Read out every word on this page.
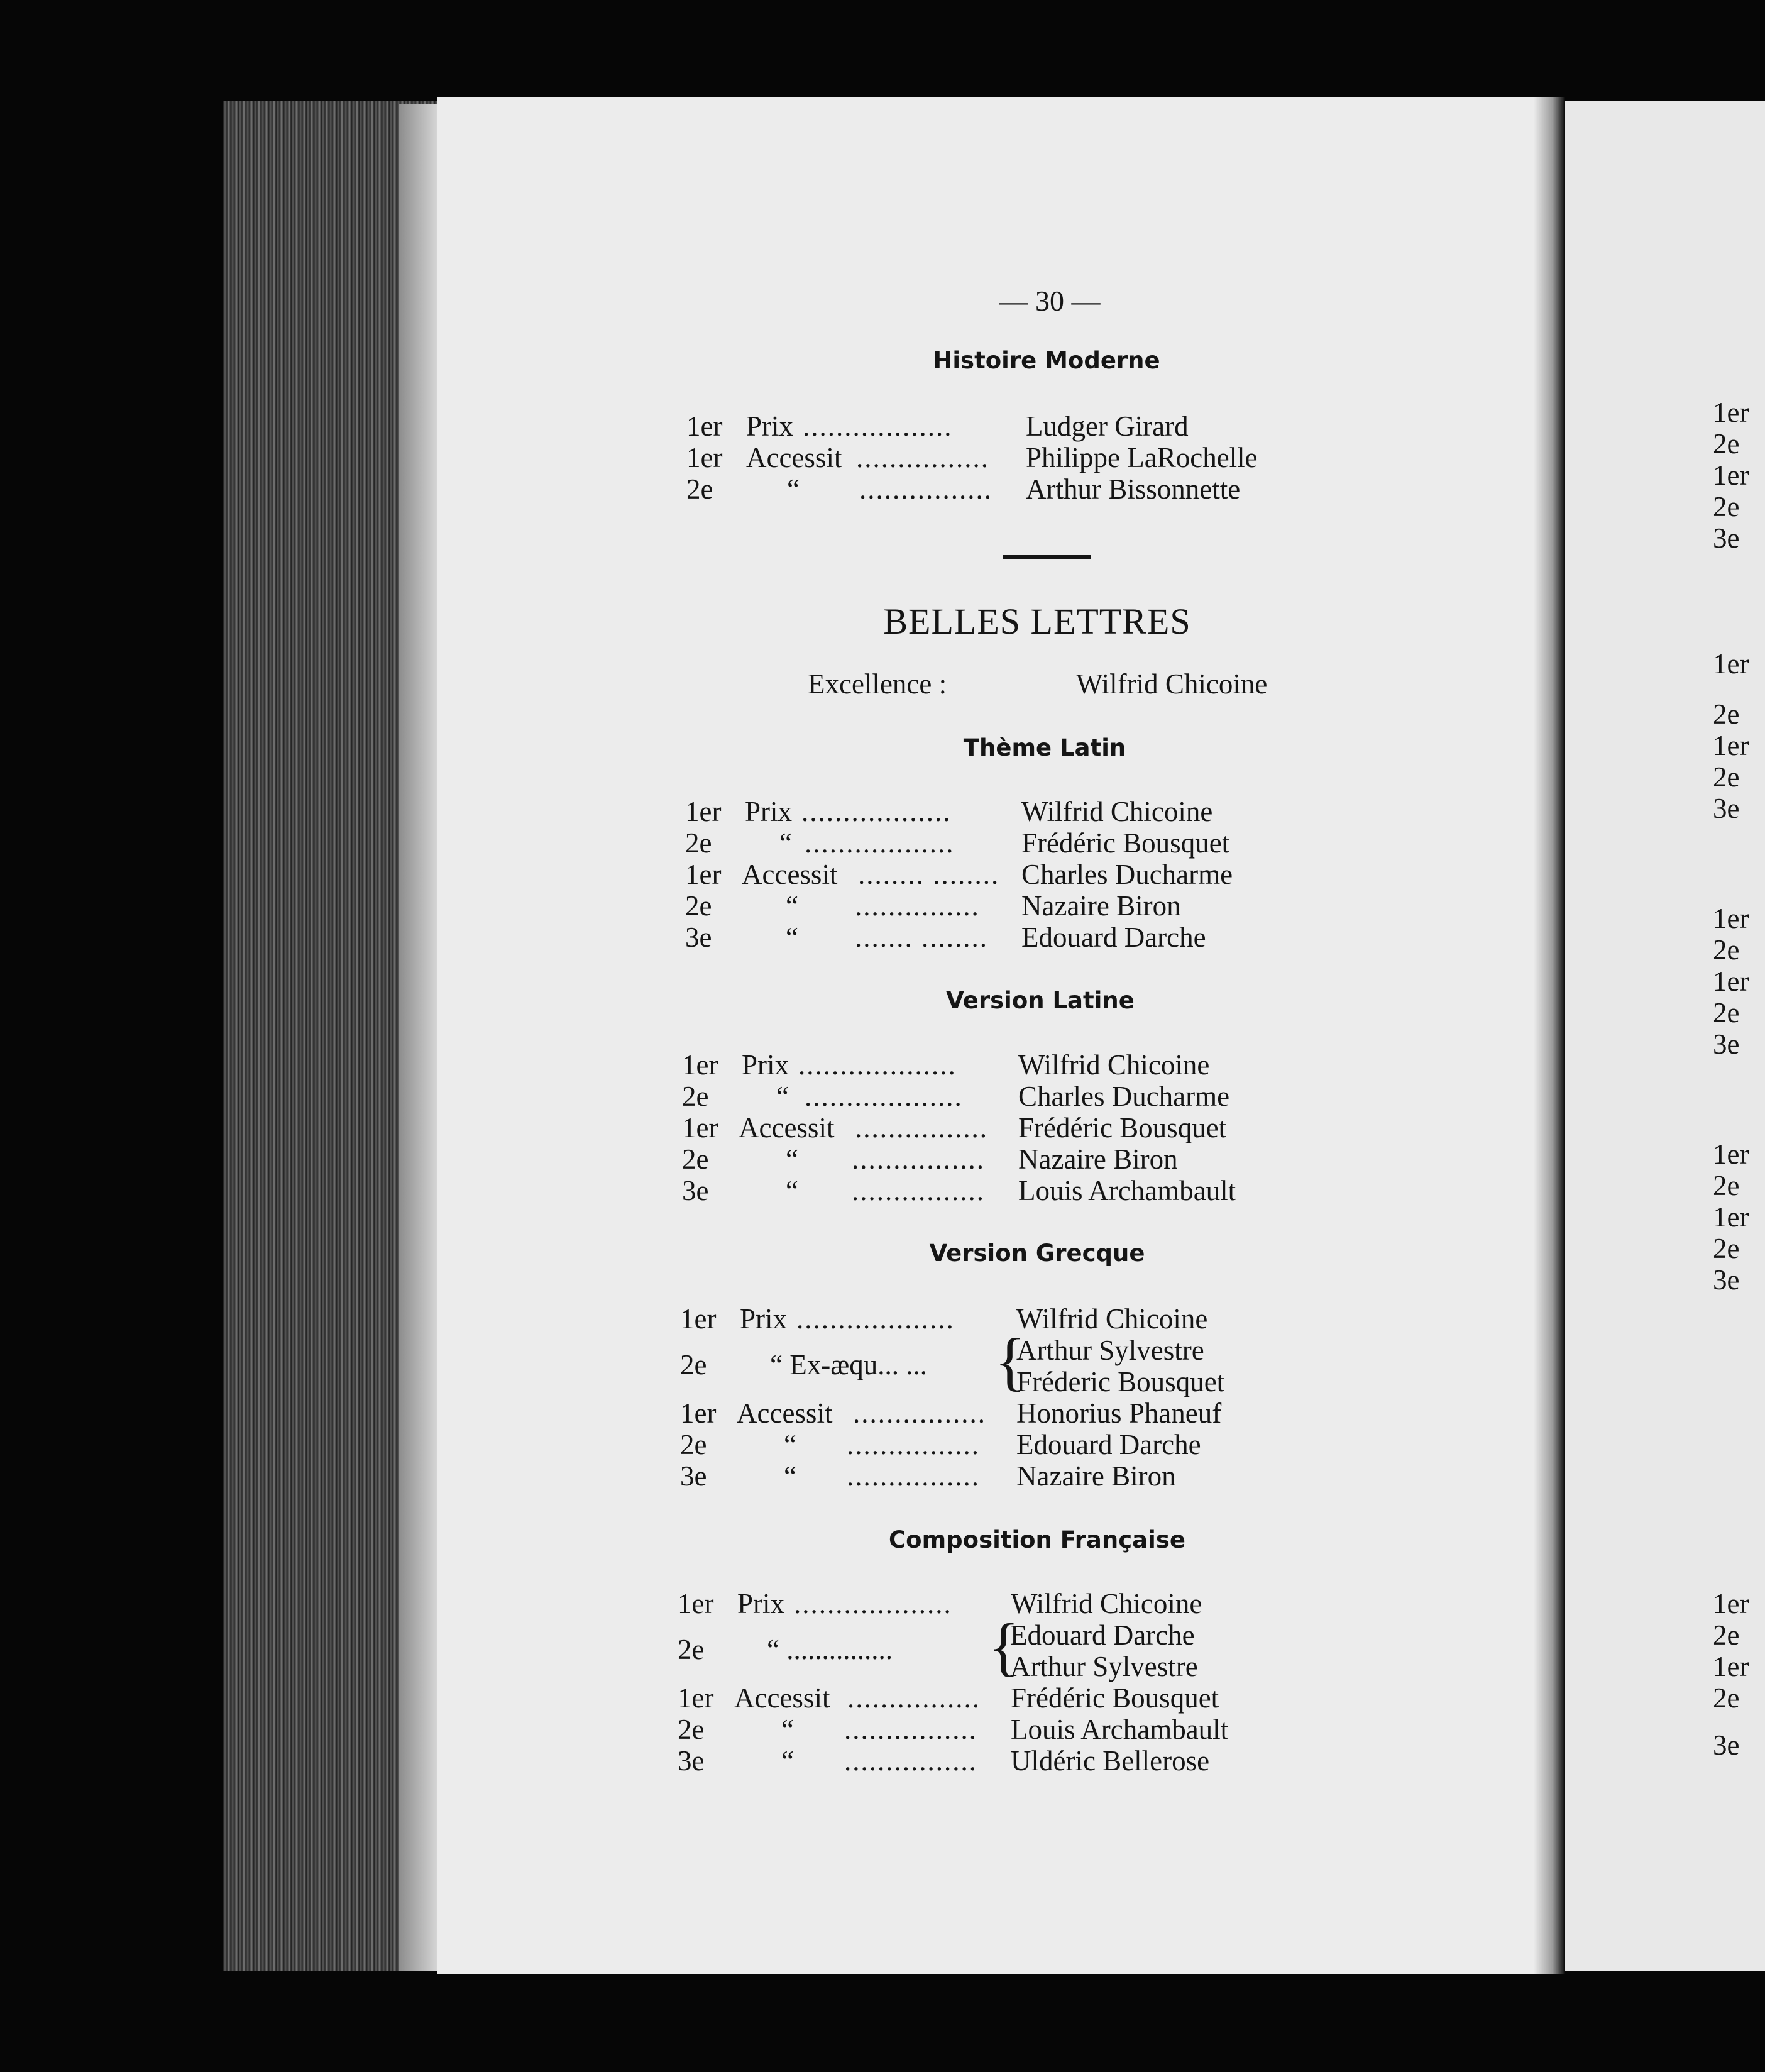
— 30 —
Histoire Moderne
1er Prix ..................	Ludger Girard
1er Accessit ................	Philippe LaRochelle
2e	“ ................	Arthur Bissonnette
BELLES LETTRES
Excellence :	Wilfrid Chicoine
Thème Latin
1er Prix ..................	Wilfrid Chicoine
2e “ ..................	Frédéric Bousquet
1er Accessit ........ ........ Charles Ducharme
2e	“ ...............	Nazaire Biron
3e	“ ....... ........	Edouard Darche
Version Latine
1er Prix ...................	Wilfrid Chicoine
2e “ ...................	Charles Ducharme
1er Accessit ................	Frédéric Bousquet
2e	“ ................	Nazaire Biron
3e	“ ................	Louis Archambault
Version Grecque
1er Prix ...................	Wilfrid Chicoine
2e “ Ex-æqu... ... {
Arthur Sylvestre
Fréderic Bousquet
1er Accessit ................	Honorius Phaneuf
2e	“ ................	Edouard Darche
3e	“ ................	Nazaire Biron
Composition Française
1er Prix ...................	Wilfrid Chicoine
2e “ ............... {
Edouard Darche
Arthur Sylvestre
1er Accessit ................	Frédéric Bousquet
2e	“ ................	Louis Archambault
3e	“ ................	Uldéric Bellerose
1er
2e
1er
2e
3e
1er
2e
1er
2e
3e
1er
2e
1er
2e
3e
1er
2e
1er
2e
3e
1er
2e
1er
2e
3e
